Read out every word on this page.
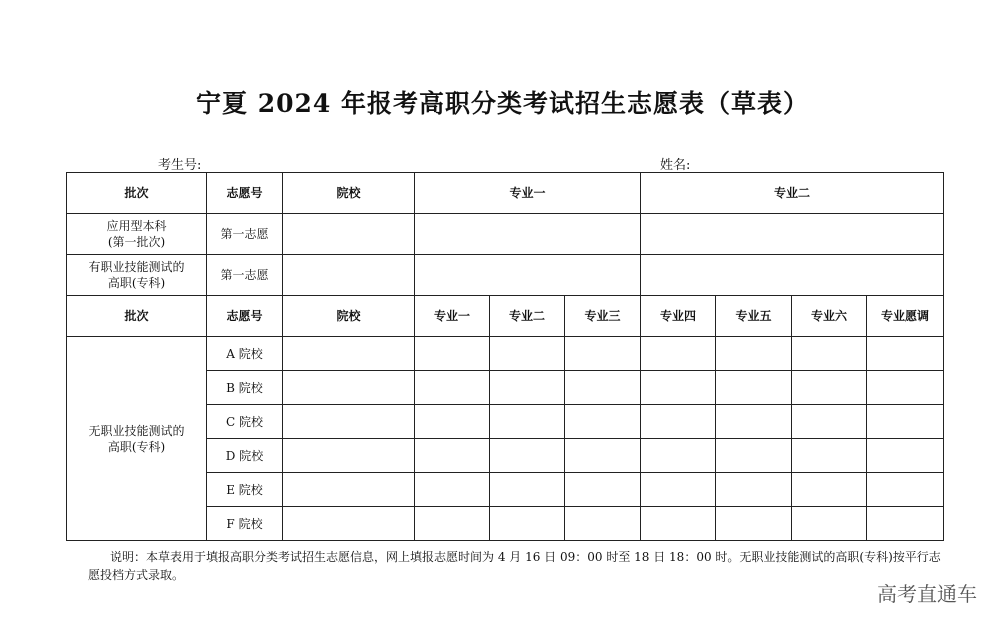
宁夏 2024 年报考高职分类考试招生志愿表（草表）
考生号:	姓名:
批次	志愿号	院校	专业一			专业二			
应用型本科
(第一批次)	第一志愿								
有职业技能测试的
高职(专科)	第一志愿								
批次	志愿号	院校	专业一	专业二	专业三	专业四	专业五	专业六	专业愿调
无职业技能测试的
高职(专科)	A 院校								
	B 院校								
	C 院校								
	D 院校								
	E 院校								
	F 院校								
说明：本草表用于填报高职分类考试招生志愿信息，网上填报志愿时间为 4 月 16 日 09：00 时至 18 日 18：00 时。无职业技能测试的高职(专科)按平行志愿投档方式录取。
高考直通车
